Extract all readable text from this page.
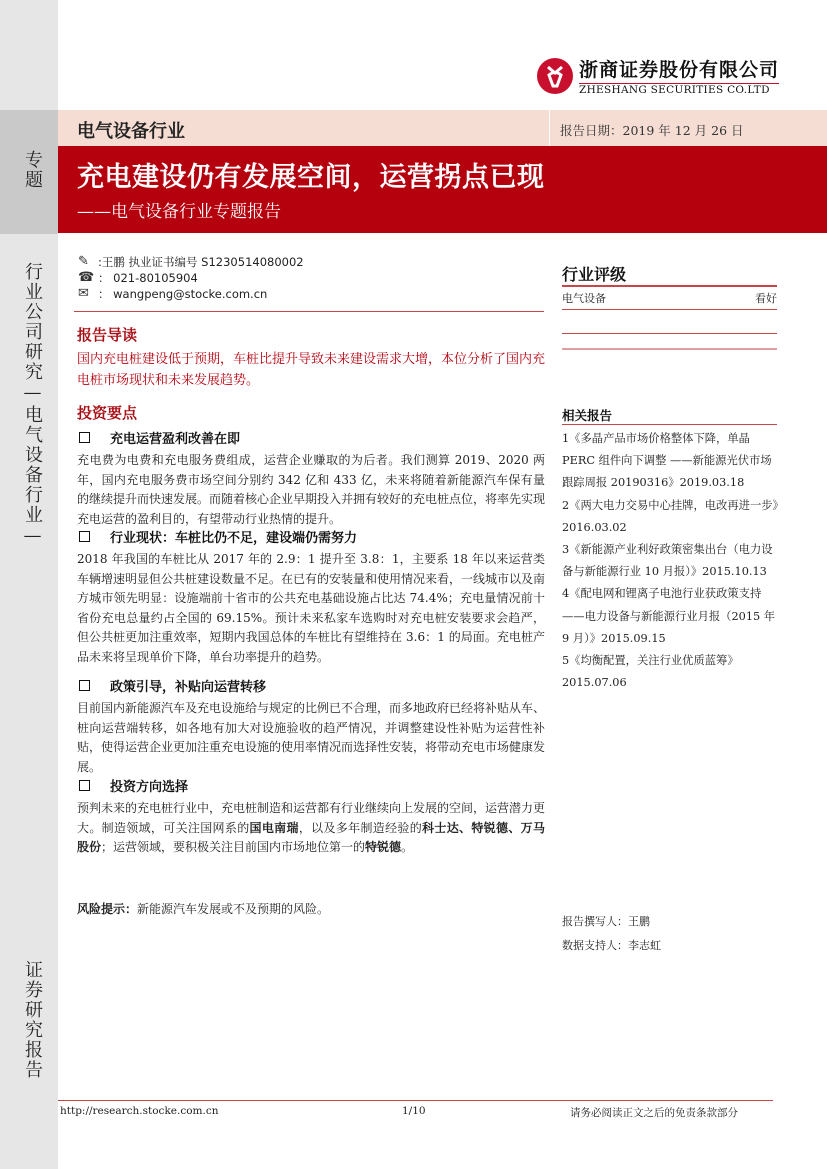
专题
行业公司研究—电气设备行业—
证券研究报告
浙商证券股份有限公司
ZHESHANG SECURITIES CO.LTD
电气设备行业	报告日期：2019 年 12 月 26 日
充电建设仍有发展空间，运营拐点已现
——电气设备行业专题报告
✎ :王鹏 执业证书编号 S1230514080002
☎ ： 021-80105904
✉ ： wangpeng@stocke.com.cn
报告导读
国内充电桩建设低于预期，车桩比提升导致未来建设需求大增，本位分析了国内充电桩市场现状和未来发展趋势。
投资要点
充电运营盈利改善在即
充电费为电费和充电服务费组成，运营企业赚取的为后者。我们测算 2019、2020 两年，国内充电服务费市场空间分别约 342 亿和 433 亿，未来将随着新能源汽车保有量的继续提升而快速发展。而随着核心企业早期投入并拥有较好的充电桩点位，将率先实现充电运营的盈利目的，有望带动行业热情的提升。
行业现状：车桩比仍不足，建设端仍需努力
2018 年我国的车桩比从 2017 年的 2.9：1 提升至 3.8：1，主要系 18 年以来运营类车辆增速明显但公共桩建设数量不足。在已有的安装量和使用情况来看，一线城市以及南方城市领先明显：设施端前十省市的公共充电基础设施占比达 74.4%；充电量情况前十省份充电总量约占全国的 69.15%。预计未来私家车选购时对充电桩安装要求会趋严，但公共桩更加注重效率，短期内我国总体的车桩比有望维持在 3.6：1 的局面。充电桩产品未来将呈现单价下降，单台功率提升的趋势。
政策引导，补贴向运营转移
目前国内新能源汽车及充电设施给与规定的比例已不合理，而多地政府已经将补贴从车、桩向运营端转移，如各地有加大对设施验收的趋严情况，并调整建设性补贴为运营性补贴，使得运营企业更加注重充电设施的使用率情况而选择性安装，将带动充电市场健康发展。
投资方向选择
预判未来的充电桩行业中，充电桩制造和运营都有行业继续向上发展的空间，运营潜力更大。制造领域，可关注国网系的国电南瑞，以及多年制造经验的科士达、特锐德、万马股份；运营领域，要积极关注目前国内市场地位第一的特锐德。
风险提示：新能源汽车发展或不及预期的风险。
行业评级
电气设备	看好
相关报告
1《多晶产品市场价格整体下降，单晶 PERC 组件向下调整 ——新能源光伏市场跟踪周报 20190316》2019.03.18
2《两大电力交易中心挂牌，电改再进一步》2016.03.02
3《新能源产业利好政策密集出台（电力设备与新能源行业 10 月报）》2015.10.13
4《配电网和锂离子电池行业获政策支持——电力设备与新能源行业月报（2015 年 9 月）》2015.09.15
5《均衡配置，关注行业优质蓝筹》2015.07.06
报告撰写人：王鹏
数据支持人：李志虹
http://research.stocke.com.cn	1/10	请务必阅读正文之后的免责条款部分
